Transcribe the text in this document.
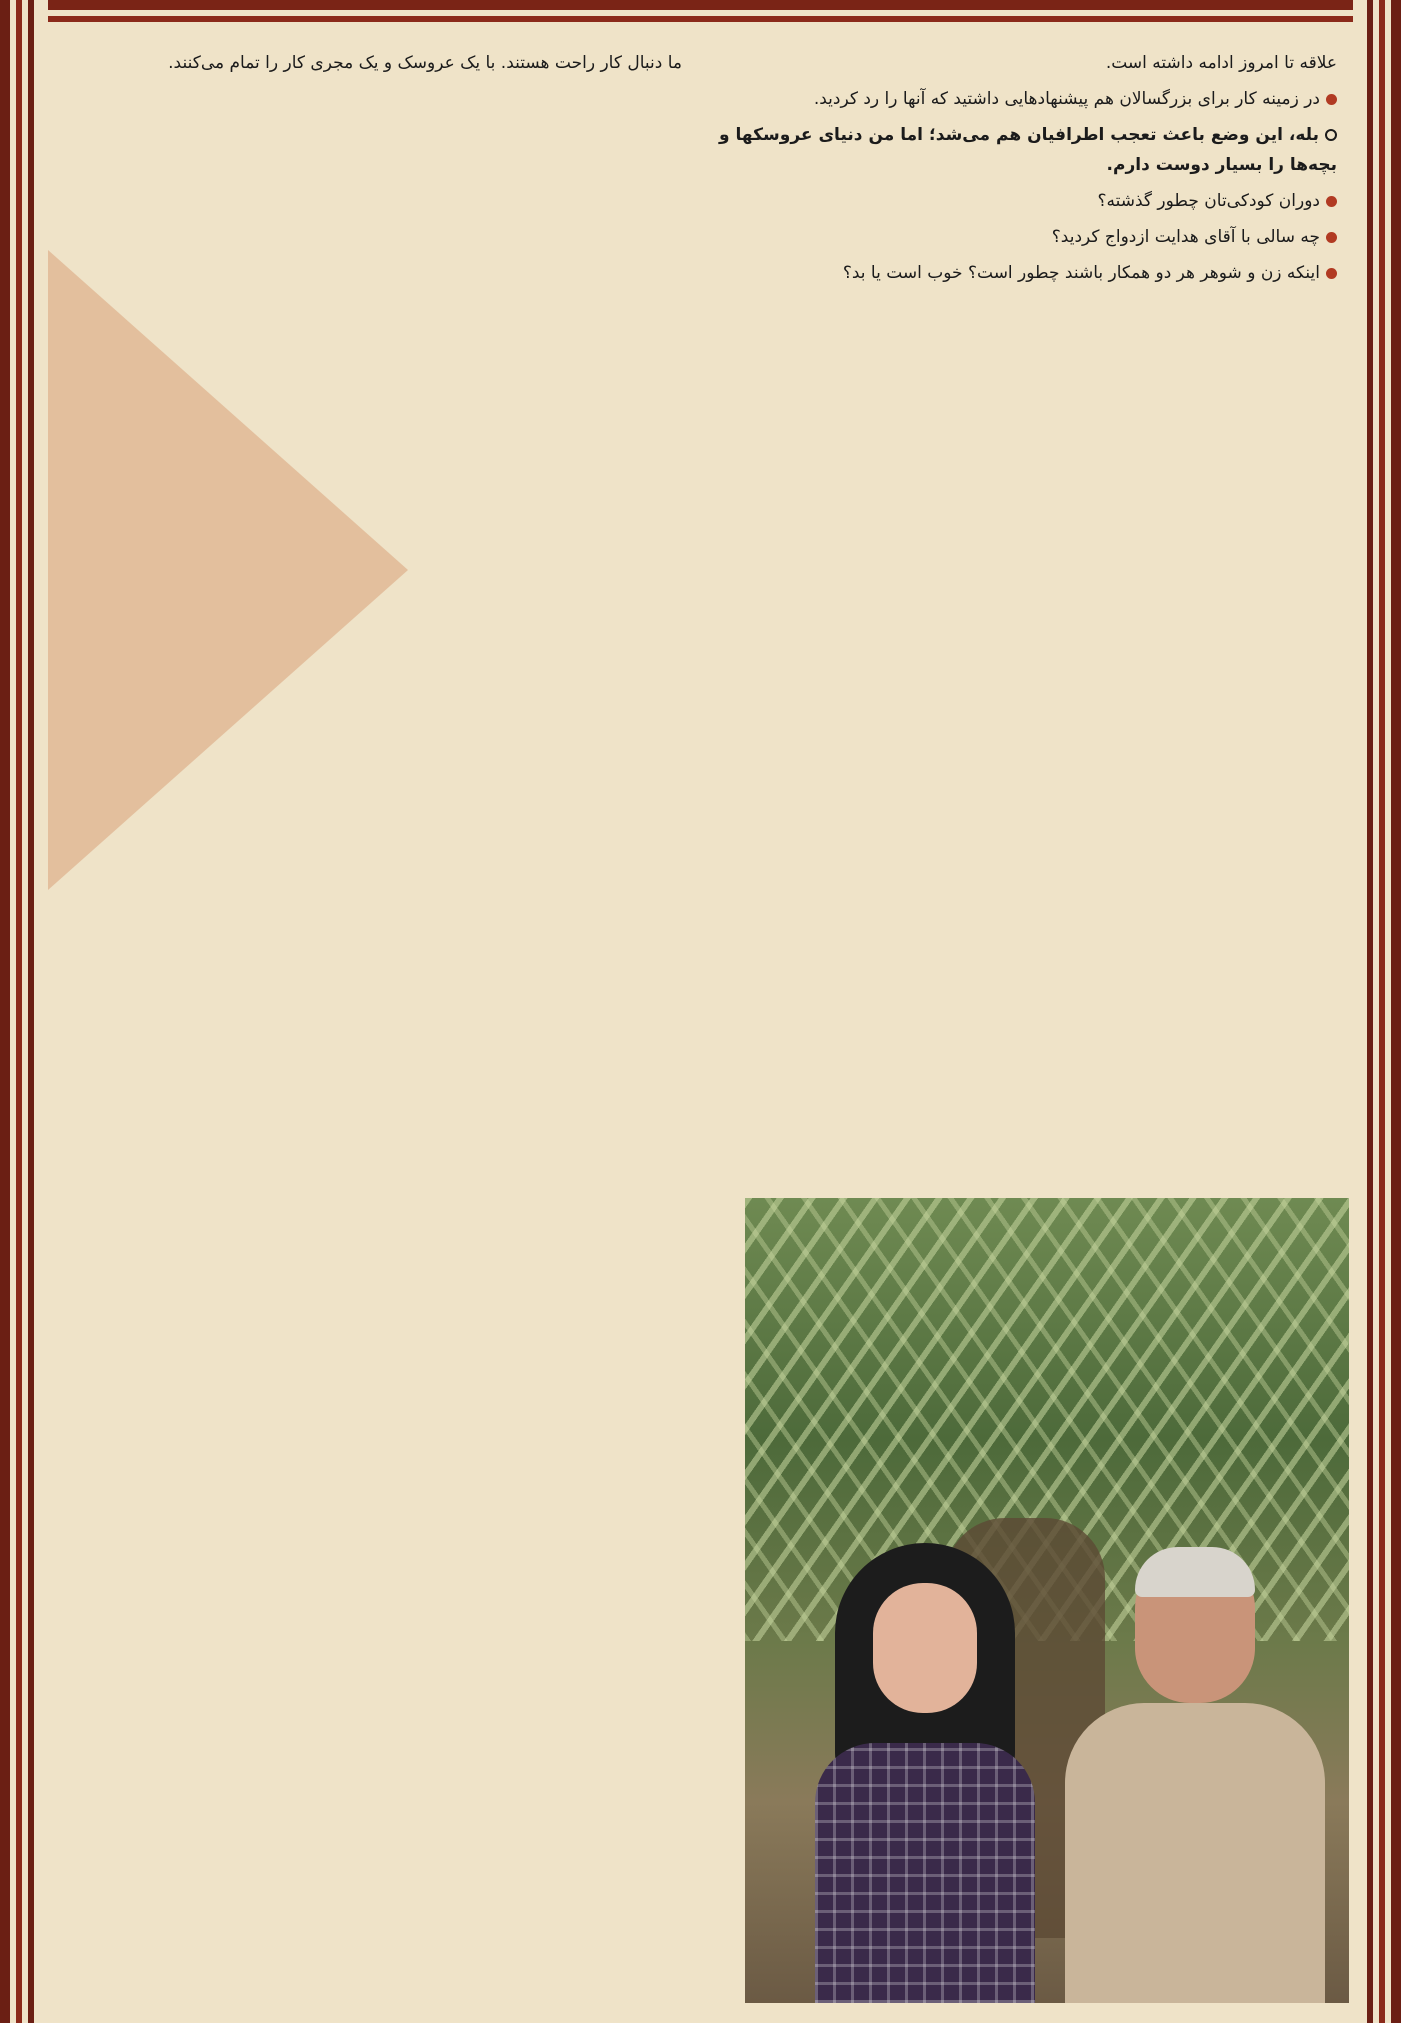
علاقه تا امروز ادامه داشته است.

در زمینه کار برای بزرگسالان هم پیشنهادهایی داشتید که آنها را رد کردید.

بله، این وضع باعث تعجب اطرافیان هم می‌شد؛ اما من دنیای عروسکها و بچه‌ها را بسیار دوست دارم.

دوران کودکی‌تان چطور گذشته؟

چه سالی با آقای هدایت ازدواج کردید؟

اینکه زن و شوهر هر دو همکار باشند چطور است؟ خوب است یا بد؟

ما دنبال کار راحت هستند. با یک عروسک و یک مجری کار را تمام می‌کنند.
